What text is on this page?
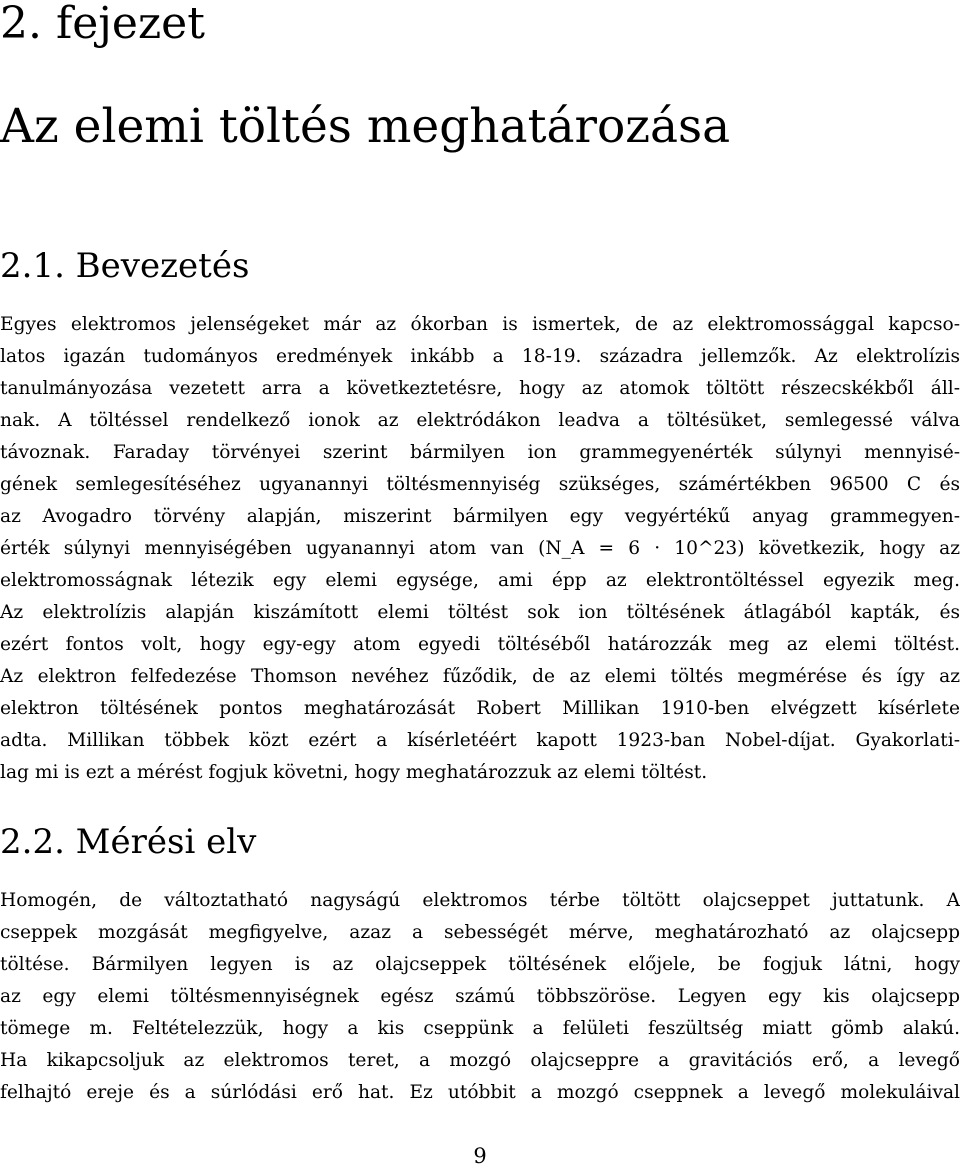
2. fejezet
Az elemi töltés meghatározása
2.1. Bevezetés
Egyes elektromos jelenségeket már az ókorban is ismertek, de az elektromossággal kapcso-
latos igazán tudományos eredmények inkább a 18-19. századra jellemzők. Az elektrolízis
tanulmányozása vezetett arra a következtetésre, hogy az atomok töltött részecskékből áll-
nak. A töltéssel rendelkező ionok az elektródákon leadva a töltésüket, semlegessé válva
távoznak. Faraday törvényei szerint bármilyen ion grammegyenérték súlynyi mennyisé-
gének semlegesítéséhez ugyanannyi töltésmennyiség szükséges, számértékben 96500 C és
az Avogadro törvény alapján, miszerint bármilyen egy vegyértékű anyag grammegyen-
érték súlynyi mennyiségében ugyanannyi atom van (N_A = 6 · 10^23) következik, hogy az
elektromosságnak létezik egy elemi egysége, ami épp az elektrontöltéssel egyezik meg.
Az elektrolízis alapján kiszámított elemi töltést sok ion töltésének átlagából kapták, és
ezért fontos volt, hogy egy-egy atom egyedi töltéséből határozzák meg az elemi töltést.
Az elektron felfedezése Thomson nevéhez fűződik, de az elemi töltés megmérése és így az
elektron töltésének pontos meghatározását Robert Millikan 1910-ben elvégzett kísérlete
adta. Millikan többek közt ezért a kísérletéért kapott 1923-ban Nobel-díjat. Gyakorlati-
lag mi is ezt a mérést fogjuk követni, hogy meghatározzuk az elemi töltést.
2.2. Mérési elv
Homogén, de változtatható nagyságú elektromos térbe töltött olajcseppet juttatunk. A
cseppek mozgását megfigyelve, azaz a sebességét mérve, meghatározható az olajcsepp
töltése. Bármilyen legyen is az olajcseppek töltésének előjele, be fogjuk látni, hogy
az egy elemi töltésmennyiségnek egész számú többszöröse. Legyen egy kis olajcsepp
tömege m. Feltételezzük, hogy a kis cseppünk a felületi feszültség miatt gömb alakú.
Ha kikapcsoljuk az elektromos teret, a mozgó olajcseppre a gravitációs erő, a levegő
felhajtó ereje és a súrlódási erő hat. Ez utóbbit a mozgó cseppnek a levegő molekuláival

9
